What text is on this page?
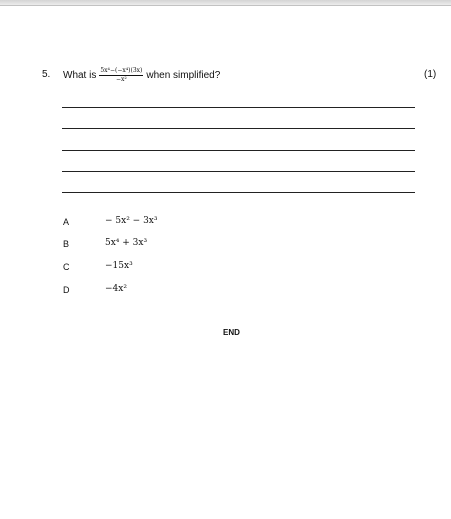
5. What is $\frac{\text{5x⁴−(−x⁴)(3x)}}{\text{−x²}}$ when simplified?	(1)
A	− 5x² − 3x³
B	5x⁴ + 3x³
C	−15x³
D	−4x²
END
